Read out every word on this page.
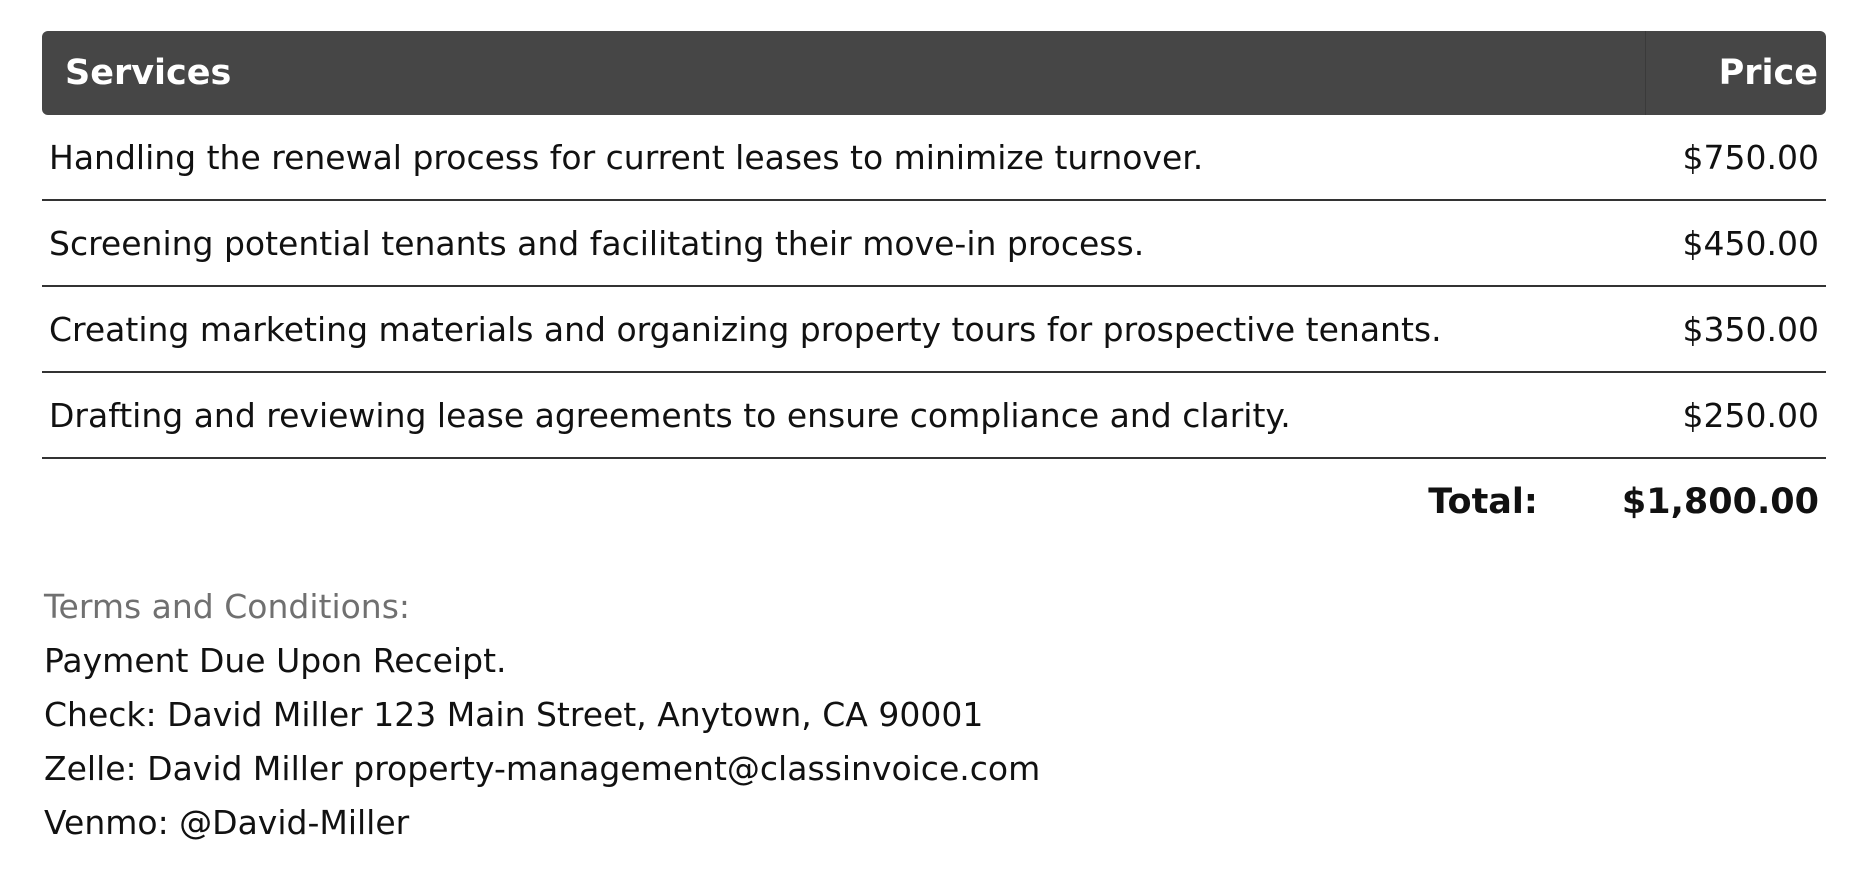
Services	Price
Handling the renewal process for current leases to minimize turnover.	$750.00
Screening potential tenants and facilitating their move-in process.	$450.00
Creating marketing materials and organizing property tours for prospective tenants.	$350.00
Drafting and reviewing lease agreements to ensure compliance and clarity.	$250.00
Total: $1,800.00
Terms and Conditions:
Payment Due Upon Receipt.
Check: David Miller 123 Main Street, Anytown, CA 90001
Zelle: David Miller property-management@classinvoice.com
Venmo: @David-Miller
